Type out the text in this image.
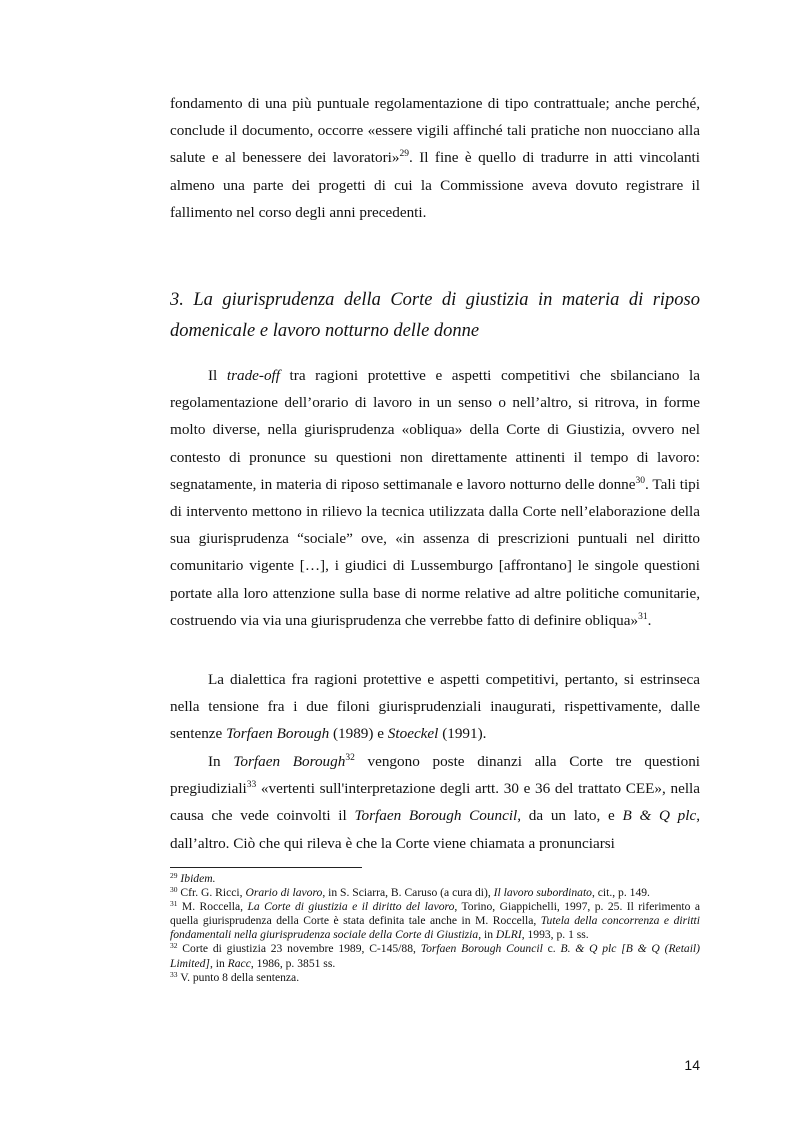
fondamento di una più puntuale regolamentazione di tipo contrattuale; anche perché, conclude il documento, occorre «essere vigili affinché tali pratiche non nuocciano alla salute e al benessere dei lavoratori»$^{29}$. Il fine è quello di tradurre in atti vincolanti almeno una parte dei progetti di cui la Commissione aveva dovuto registrare il fallimento nel corso degli anni precedenti.

3. La giurisprudenza della Corte di giustizia in materia di riposo domenicale e lavoro notturno delle donne

Il trade-off tra ragioni protettive e aspetti competitivi che sbilanciano la regolamentazione dell’orario di lavoro in un senso o nell’altro, si ritrova, in forme molto diverse, nella giurisprudenza «obliqua» della Corte di Giustizia, ovvero nel contesto di pronunce su questioni non direttamente attinenti il tempo di lavoro: segnatamente, in materia di riposo settimanale e lavoro notturno delle donne$^{30}$. Tali tipi di intervento mettono in rilievo la tecnica utilizzata dalla Corte nell’elaborazione della sua giurisprudenza “sociale” ove, «in assenza di prescrizioni puntuali nel diritto comunitario vigente […], i giudici di Lussemburgo [affrontano] le singole questioni portate alla loro attenzione sulla base di norme relative ad altre politiche comunitarie, costruendo via via una giurisprudenza che verrebbe fatto di definire obliqua»$^{31}$.

La dialettica fra ragioni protettive e aspetti competitivi, pertanto, si estrinseca nella tensione fra i due filoni giurisprudenziali inaugurati, rispettivamente, dalle sentenze Torfaen Borough (1989) e Stoeckel (1991).

In Torfaen Borough$^{32}$ vengono poste dinanzi alla Corte tre questioni pregiudiziali$^{33}$ «vertenti sull'interpretazione degli artt. 30 e 36 del trattato CEE», nella causa che vede coinvolti il Torfaen Borough Council, da un lato, e B & Q plc, dall’altro. Ciò che qui rileva è che la Corte viene chiamata a pronunciarsi

$^{29}$ Ibidem.

$^{30}$ Cfr. G. Ricci, Orario di lavoro, in S. Sciarra, B. Caruso (a cura di), Il lavoro subordinato, cit., p. 149.

$^{31}$ M. Roccella, La Corte di giustizia e il diritto del lavoro, Torino, Giappichelli, 1997, p. 25. Il riferimento a quella giurisprudenza della Corte è stata definita tale anche in M. Roccella, Tutela della concorrenza e diritti fondamentali nella giurisprudenza sociale della Corte di Giustizia, in DLRI, 1993, p. 1 ss.

$^{32}$ Corte di giustizia 23 novembre 1989, C-145/88, Torfaen Borough Council c. B. & Q plc [B & Q (Retail) Limited], in Racc, 1986, p. 3851 ss.

$^{33}$ V. punto 8 della sentenza.

14
